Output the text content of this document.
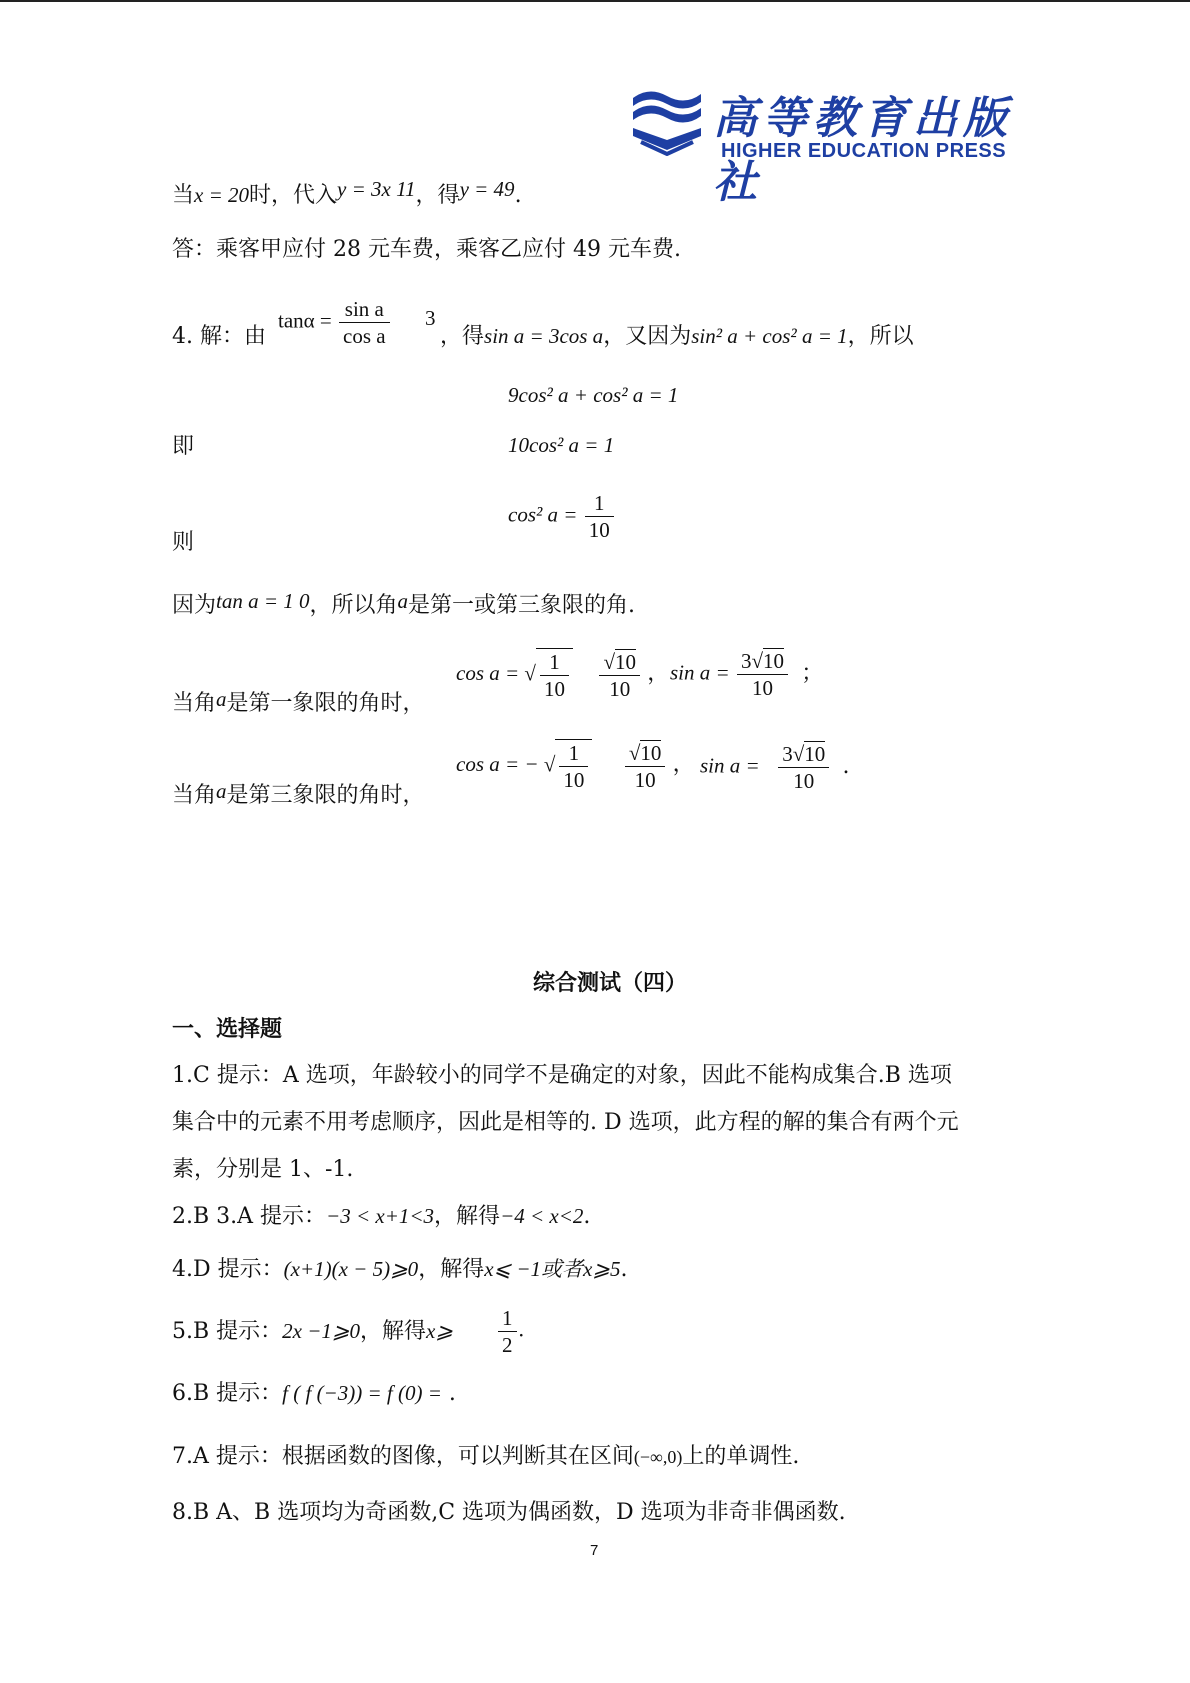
高等教育出版社
HIGHER EDUCATION PRESS
当x = 20时，代入y = 3x 11，得y = 49.
答：乘客甲应付 28 元车费，乘客乙应付 49 元车费.
4. 解：由
$\tan\alpha = \frac{\text{sin a}}{\text{cos a}} 3$
，得sin a = 3cos a，又因为sin² a + cos² a = 1，所以
9cos² a + cos² a = 1
即	10cos² a = 1
则
cos² $a = \frac{1}{10}$
因为tan a = 1 0，所以角a是第一或第三象限的角.
当角a是第一象限的角时，
cos a = √ $\frac{1}{10}$
$\frac{√10}{10}$ ， $\sin a = \frac{3√10}{10}$ ；
当角a是第三象限的角时，
cos a = − √ $\frac{1}{10}$
$\frac{√10}{10}$ ， $\sin a = \frac{3√10}{10}$ .
综合测试（四）
一、选择题
1.C 提示：A 选项，年龄较小的同学不是确定的对象，因此不能构成集合.B 选项
集合中的元素不用考虑顺序，因此是相等的. D 选项，此方程的解的集合有两个元
素，分别是 1、-1.
2.B 3.A 提示：−3 < x+1<3，解得−4 < x<2.
4.D 提示：(x+1)(x − 5)⩾0，解得x⩽ −1或者x⩾5.
5.B 提示：2x −1⩾0，解得x⩾ $\frac{1}{2}$ .
6.B 提示：f ( f (−3)) = f (0) = .
7.A 提示：根据函数的图像，可以判断其在区间(−∞,0)上的单调性.
8.B A、B 选项均为奇函数,C 选项为偶函数，D 选项为非奇非偶函数.
7
